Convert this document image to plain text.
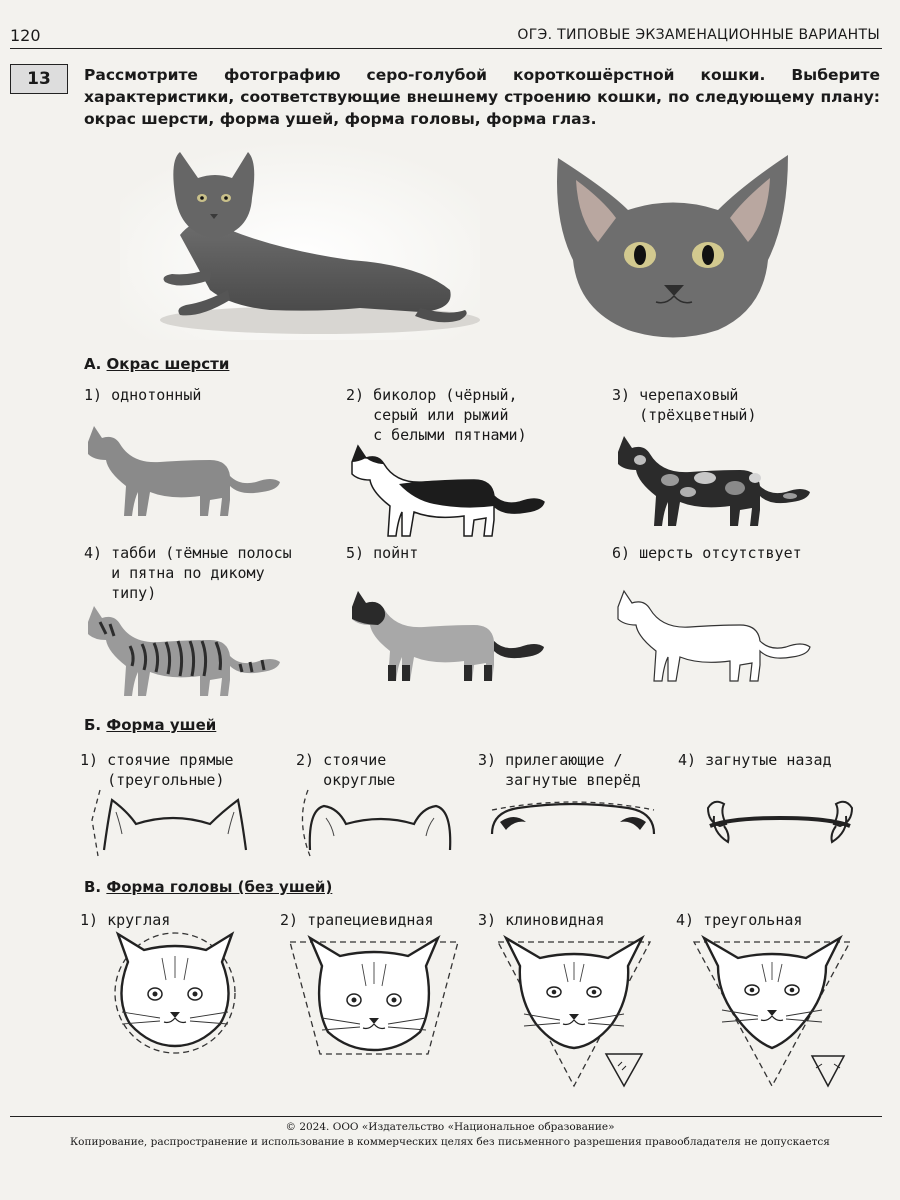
120	ОГЭ. ТИПОВЫЕ ЭКЗАМЕНАЦИОННЫЕ ВАРИАНТЫ
13	Рассмотрите фотографию серо-голубой короткошёрстной кошки. Выберите характеристики, соответствующие внешнему строению кошки, по следующему плану: окрас шерсти, форма ушей, форма головы, форма глаз.
А. Окрас шерсти
1) однотонный	2) биколор (чёрный,
серый или рыжий
с белыми пятнами)
3) черепаховый
(трёхцветный)
4) табби (тёмные полосы
и пятна по дикому
типу)
5) пойнт	6) шерсть отсутствует
Б. Форма ушей
1) стоячие прямые
(треугольные)
2) стоячие
округлые
3) прилегающие /
загнутые вперёд
4) загнутые назад
В. Форма головы (без ушей)
1) круглая	2) трапециевидная	3) клиновидная	4) треугольная
© 2024. ООО «Издательство «Национальное образование»
Копирование, распространение и использование в коммерческих целях без письменного разрешения правообладателя не допускается
